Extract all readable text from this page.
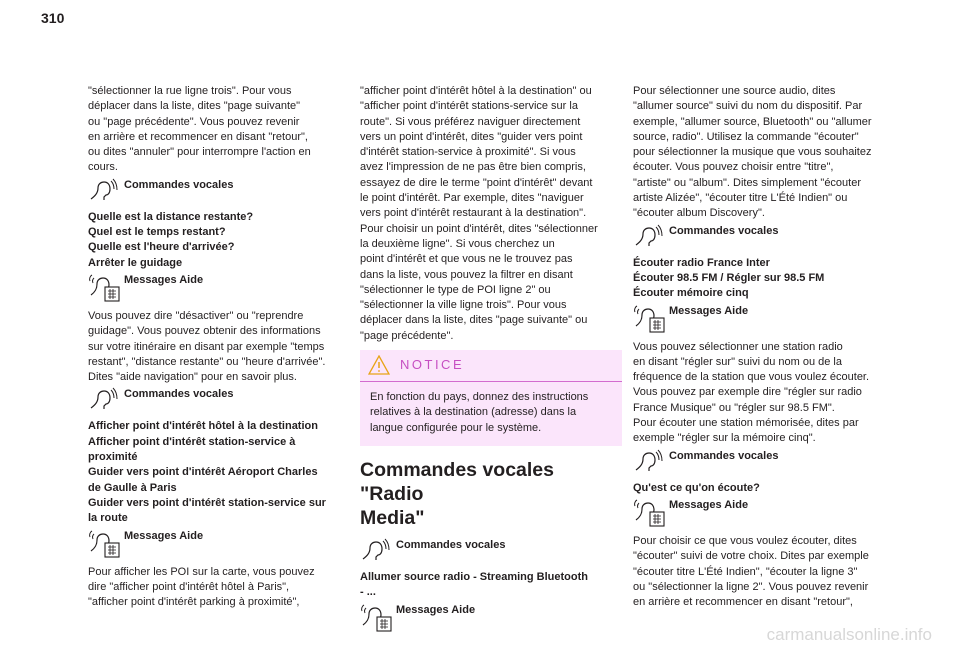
310

"sélectionner la rue ligne trois". Pour vous
déplacer dans la liste, dites "page suivante"
ou "page précédente". Vous pouvez revenir
en arrière et recommencer en disant "retour",
ou dites "annuler" pour interrompre l'action en
cours.

Commandes vocales
Quelle est la distance restante?
Quel est le temps restant?
Quelle est l'heure d'arrivée?
Arrêter le guidage
Messages Aide

Vous pouvez dire "désactiver" ou "reprendre
guidage". Vous pouvez obtenir des informations
sur votre itinéraire en disant par exemple "temps
restant", "distance restante" ou "heure d'arrivée".
Dites "aide navigation" pour en savoir plus.

Commandes vocales
Afficher point d'intérêt hôtel à la destination
Afficher point d'intérêt station-service à
proximité
Guider vers point d'intérêt Aéroport Charles
de Gaulle à Paris
Guider vers point d'intérêt station-service sur
la route
Messages Aide

Pour afficher les POI sur la carte, vous pouvez
dire "afficher point d'intérêt hôtel à Paris",
"afficher point d'intérêt parking à proximité",

"afficher point d'intérêt hôtel à la destination" ou
"afficher point d'intérêt stations-service sur la
route". Si vous préférez naviguer directement
vers un point d'intérêt, dites "guider vers point
d'intérêt station-service à proximité". Si vous
avez l'impression de ne pas être bien compris,
essayez de dire le terme "point d'intérêt" devant
le point d'intérêt. Par exemple, dites "naviguer
vers point d'intérêt restaurant à la destination".
Pour choisir un point d'intérêt, dites "sélectionner
la deuxième ligne". Si vous cherchez un
point d'intérêt et que vous ne le trouvez pas
dans la liste, vous pouvez la filtrer en disant
"sélectionner le type de POI ligne 2" ou
"sélectionner la ville ligne trois". Pour vous
déplacer dans la liste, dites "page suivante" ou
"page précédente".

NOTICE
En fonction du pays, donnez des instructions
relatives à la destination (adresse) dans la
langue configurée pour le système.
Commandes vocales "Radio
Media"
Commandes vocales
Allumer source radio - Streaming Bluetooth
- ...
Messages Aide

Pour sélectionner une source audio, dites
"allumer source" suivi du nom du dispositif. Par
exemple, "allumer source, Bluetooth" ou "allumer
source, radio". Utilisez la commande "écouter"
pour sélectionner la musique que vous souhaitez
écouter. Vous pouvez choisir entre "titre",
"artiste" ou "album". Dites simplement "écouter
artiste Alizée", "écouter titre L'Été Indien" ou
"écouter album Discovery".

Commandes vocales
Écouter radio France Inter
Écouter 98.5 FM / Régler sur 98.5 FM
Écouter mémoire cinq
Messages Aide

Vous pouvez sélectionner une station radio
en disant "régler sur" suivi du nom ou de la
fréquence de la station que vous voulez écouter.
Vous pouvez par exemple dire "régler sur radio
France Musique" ou "régler sur 98.5 FM".
Pour écouter une station mémorisée, dites par
exemple "régler sur la mémoire cinq".

Commandes vocales
Qu'est ce qu'on écoute?
Messages Aide

Pour choisir ce que vous voulez écouter, dites
"écouter" suivi de votre choix. Dites par exemple
"écouter titre L'Été Indien", "écouter la ligne 3"
ou "sélectionner la ligne 2". Vous pouvez revenir
en arrière et recommencer en disant "retour",

carmanualsonline.info
